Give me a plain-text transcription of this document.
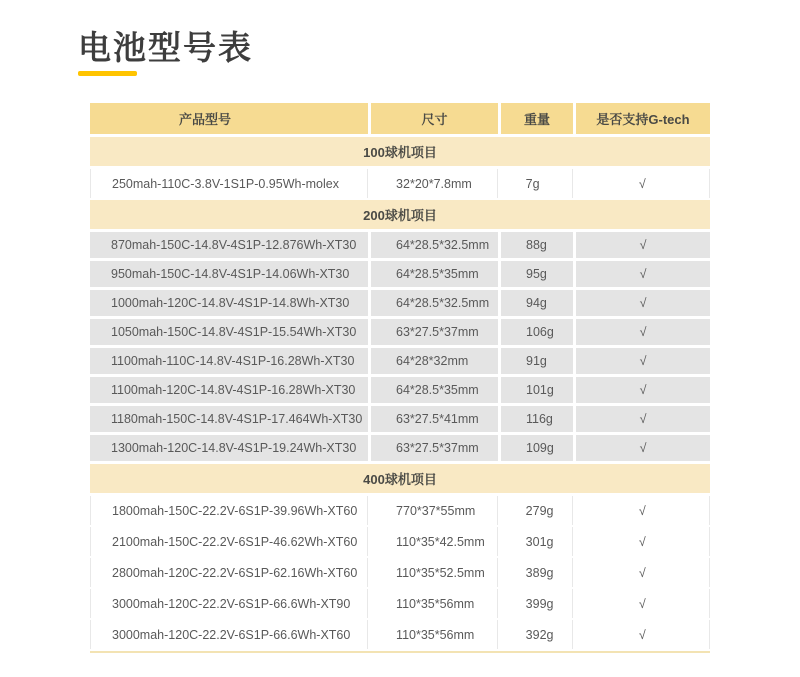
电池型号表
产品型号	尺寸	重量	是否支持G-tech
100球机项目
250mah-110C-3.8V-1S1P-0.95Wh-molex	32*20*7.8mm	7g	√
200球机项目
870mah-150C-14.8V-4S1P-12.876Wh-XT30	64*28.5*32.5mm	88g	√
950mah-150C-14.8V-4S1P-14.06Wh-XT30	64*28.5*35mm	95g	√
1000mah-120C-14.8V-4S1P-14.8Wh-XT30	64*28.5*32.5mm	94g	√
1050mah-150C-14.8V-4S1P-15.54Wh-XT30	63*27.5*37mm	106g	√
1100mah-110C-14.8V-4S1P-16.28Wh-XT30	64*28*32mm	91g	√
1100mah-120C-14.8V-4S1P-16.28Wh-XT30	64*28.5*35mm	101g	√
1180mah-150C-14.8V-4S1P-17.464Wh-XT30	63*27.5*41mm	116g	√
1300mah-120C-14.8V-4S1P-19.24Wh-XT30	63*27.5*37mm	109g	√
400球机项目
1800mah-150C-22.2V-6S1P-39.96Wh-XT60	770*37*55mm	279g	√
2100mah-150C-22.2V-6S1P-46.62Wh-XT60	110*35*42.5mm	301g	√
2800mah-120C-22.2V-6S1P-62.16Wh-XT60	110*35*52.5mm	389g	√
3000mah-120C-22.2V-6S1P-66.6Wh-XT90	110*35*56mm	399g	√
3000mah-120C-22.2V-6S1P-66.6Wh-XT60	110*35*56mm	392g	√
